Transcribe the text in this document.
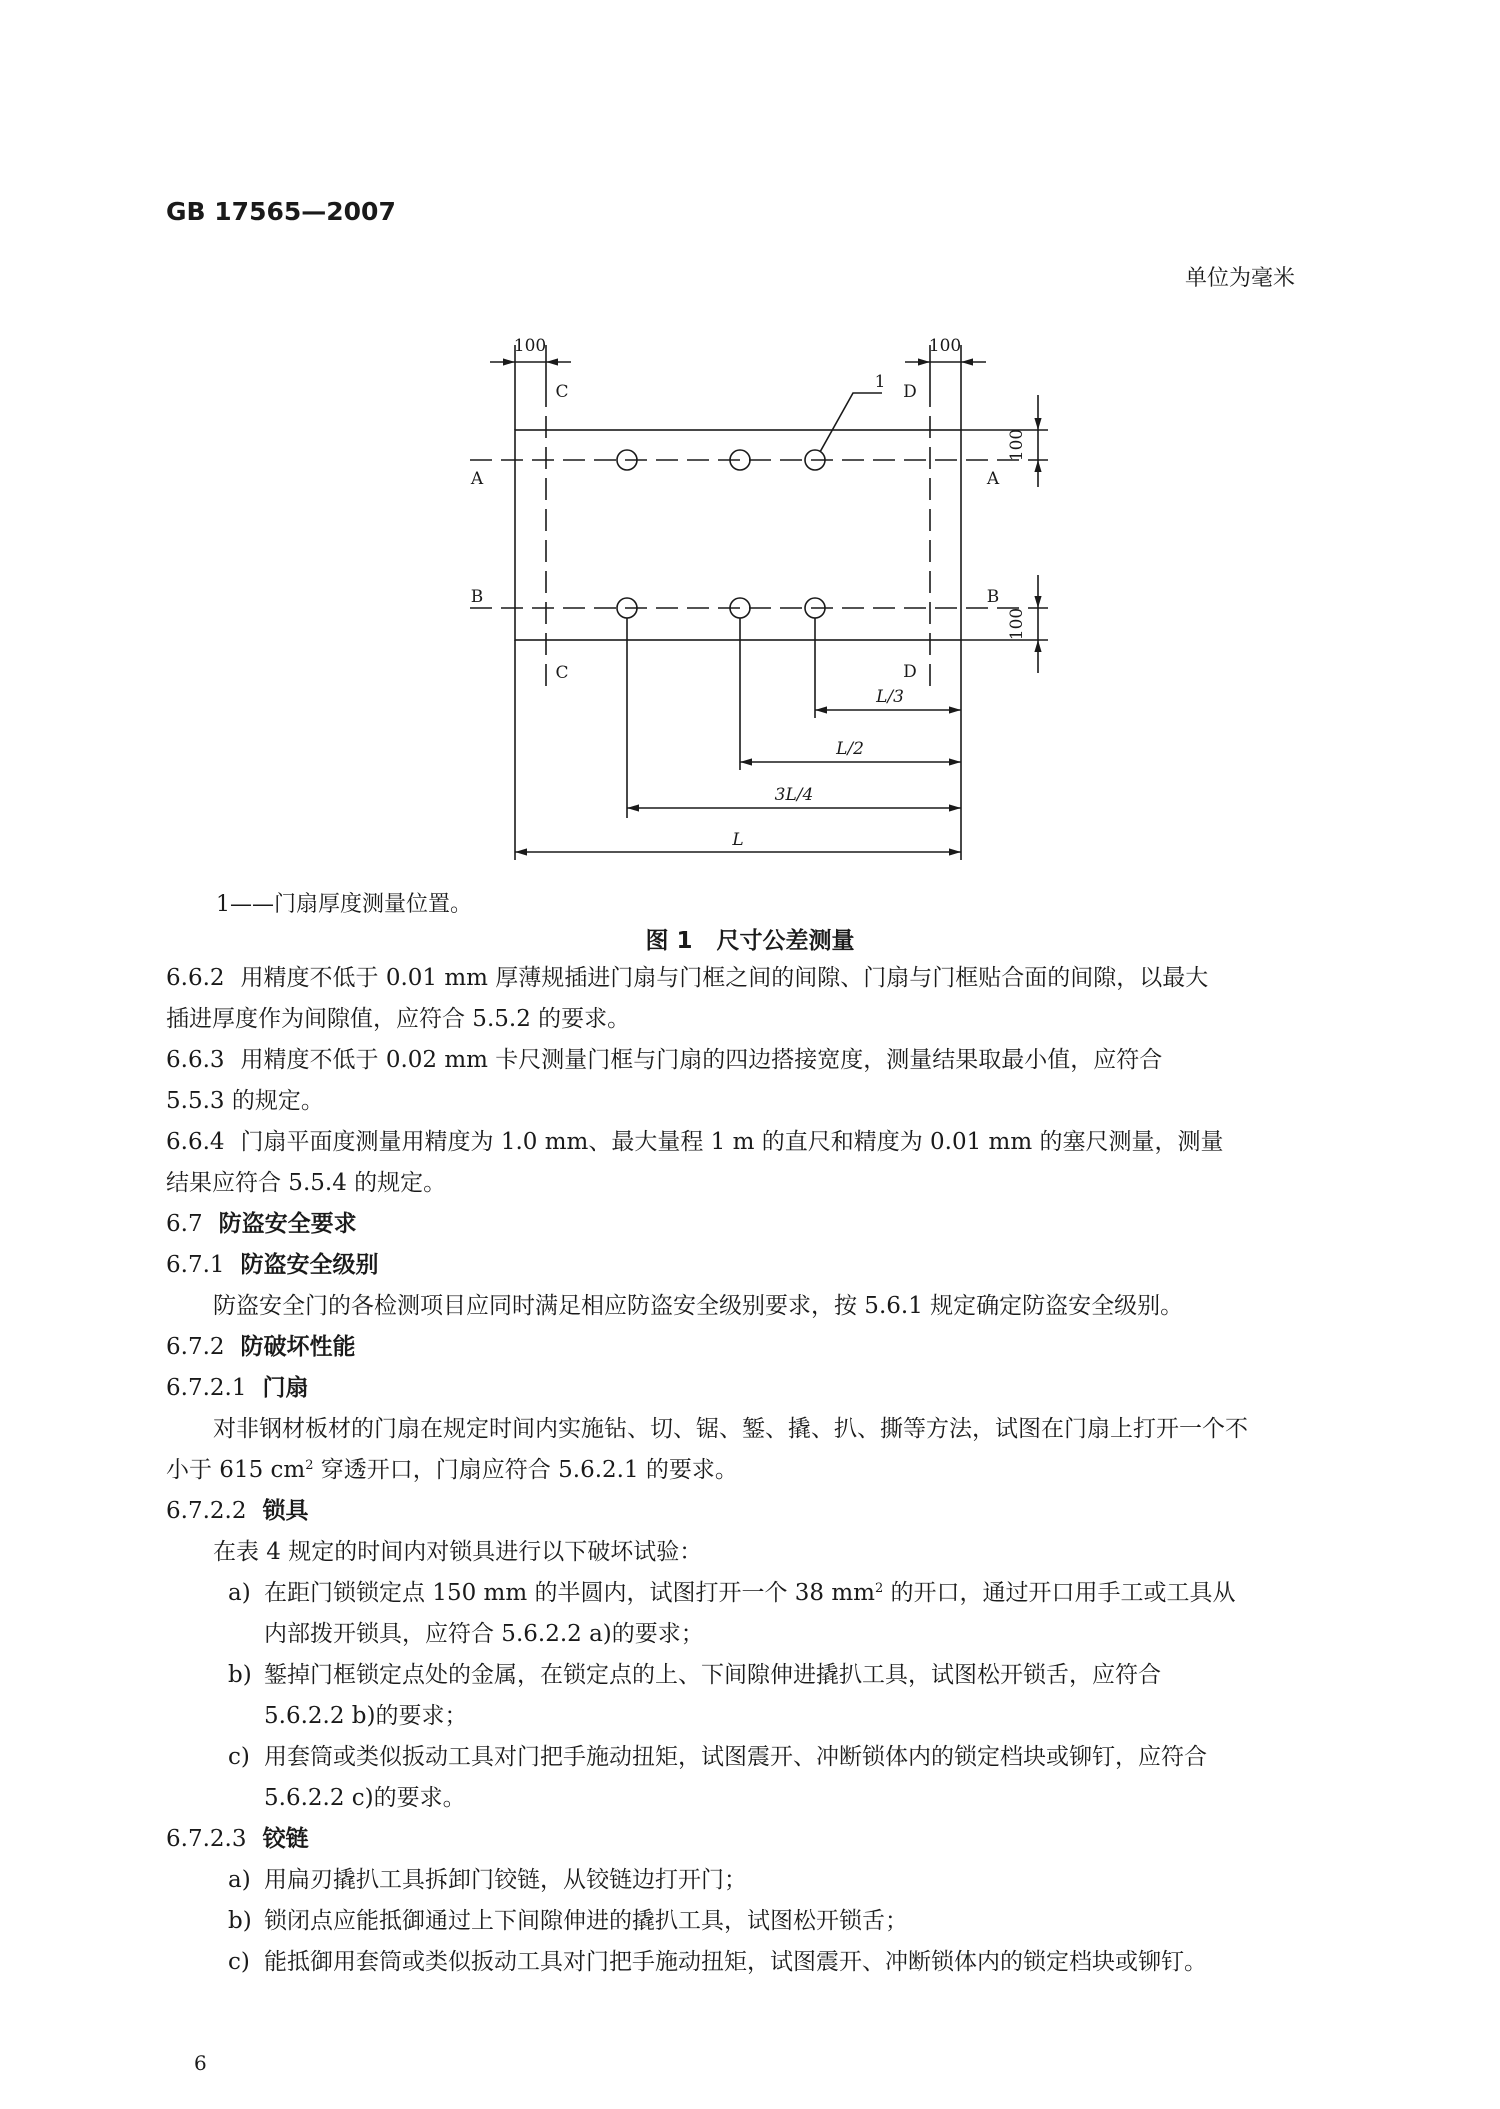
GB 17565—2007
单位为毫米
100	100
100
100
1
A	A
B	B
C
C
D
D
L/3
L/2
3L/4
L
1——门扇厚度测量位置。
图 1 尺寸公差测量
6.6.2 用精度不低于 0.01 mm 厚薄规插进门扇与门框之间的间隙、门扇与门框贴合面的间隙，以最大
插进厚度作为间隙值，应符合 5.5.2 的要求。
6.6.3 用精度不低于 0.02 mm 卡尺测量门框与门扇的四边搭接宽度，测量结果取最小值，应符合
5.5.3 的规定。
6.6.4 门扇平面度测量用精度为 1.0 mm、最大量程 1 m 的直尺和精度为 0.01 mm 的塞尺测量，测量
结果应符合 5.5.4 的规定。
6.7 防盗安全要求
6.7.1 防盗安全级别
防盗安全门的各检测项目应同时满足相应防盗安全级别要求，按 5.6.1 规定确定防盗安全级别。
6.7.2 防破坏性能
6.7.2.1 门扇
对非钢材板材的门扇在规定时间内实施钻、切、锯、錾、撬、扒、撕等方法，试图在门扇上打开一个不
小于 615 $cm^2$ 穿透开口，门扇应符合 5.6.2.1 的要求。
6.7.2.2 锁具
在表 4 规定的时间内对锁具进行以下破坏试验：
a) 在距门锁锁定点 150 mm 的半圆内，试图打开一个 38 $mm^2$ 的开口，通过开口用手工或工具从
内部拨开锁具，应符合 5.6.2.2 a)的要求；
b) 錾掉门框锁定点处的金属，在锁定点的上、下间隙伸进撬扒工具，试图松开锁舌，应符合
5.6.2.2 b)的要求；
c) 用套筒或类似扳动工具对门把手施动扭矩，试图震开、冲断锁体内的锁定档块或铆钉，应符合
5.6.2.2 c)的要求。
6.7.2.3 铰链
a) 用扁刃撬扒工具拆卸门铰链，从铰链边打开门；
b) 锁闭点应能抵御通过上下间隙伸进的撬扒工具，试图松开锁舌；
c) 能抵御用套筒或类似扳动工具对门把手施动扭矩，试图震开、冲断锁体内的锁定档块或铆钉。
6
